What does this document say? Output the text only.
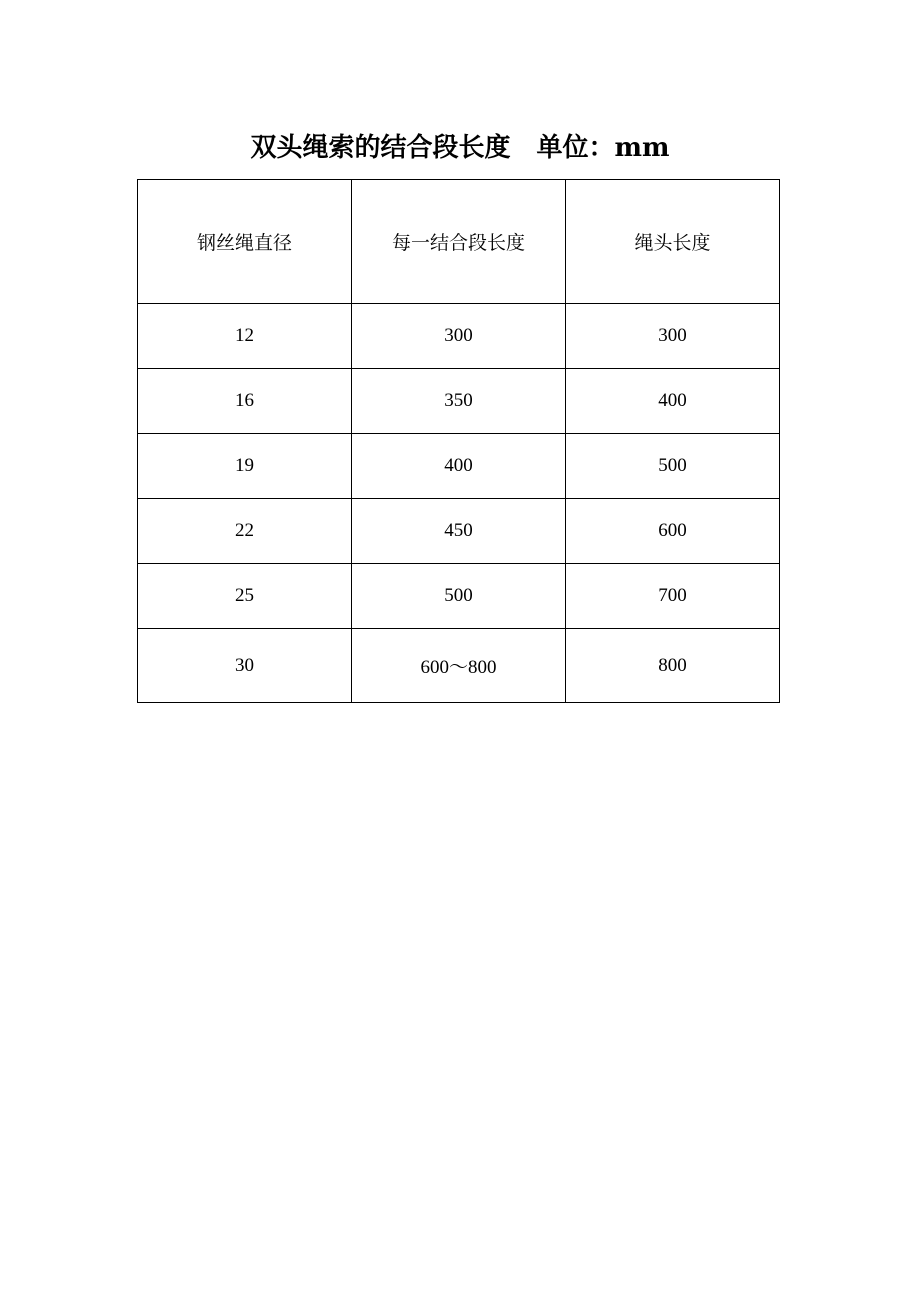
双头绳索的结合段长度　单位：mm
钢丝绳直径	每一结合段长度	绳头长度
12	300	300
16	350	400
19	400	500
22	450	600
25	500	700
30	600～800	800
